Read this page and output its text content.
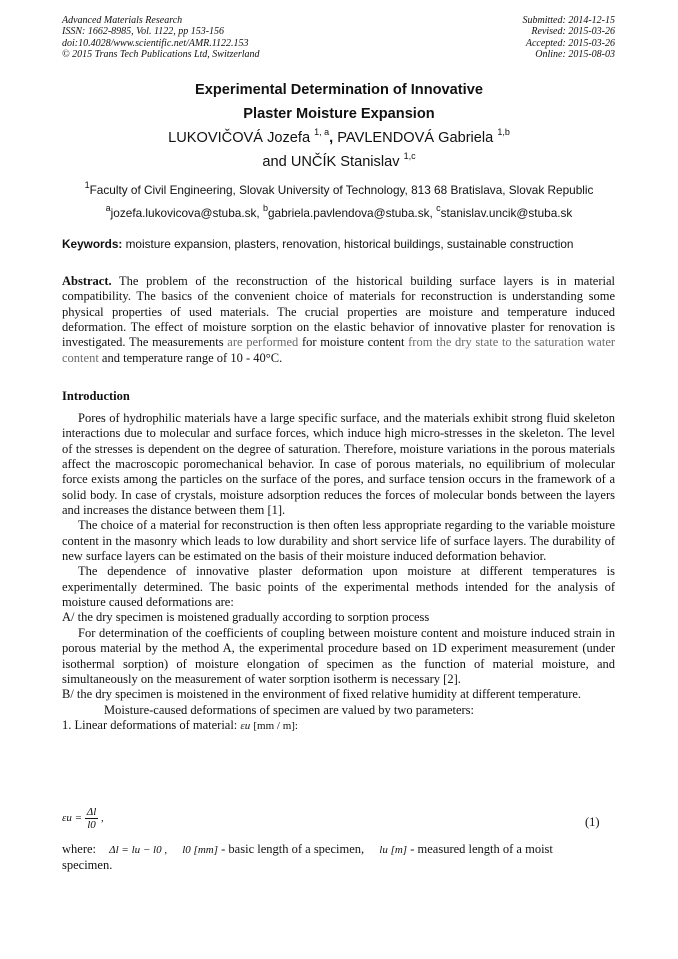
Advanced Materials Research
ISSN: 1662-8985, Vol. 1122, pp 153-156
doi:10.4028/www.scientific.net/AMR.1122.153
© 2015 Trans Tech Publications Ltd, Switzerland
Submitted: 2014-12-15
Revised: 2015-03-26
Accepted: 2015-03-26
Online: 2015-08-03
Experimental Determination of Innovative
Plaster Moisture Expansion
LUKOVIČOVÁ Jozefa $^{1, a}$, PAVLENDOVÁ Gabriela $^{1,b}$
and UNČÍK Stanislav $^{1,c}$
$^1$Faculty of Civil Engineering, Slovak University of Technology, 813 68 Bratislava, Slovak Republic
$^a$jozefa.lukovicova@stuba.sk, $^b$gabriela.pavlendova@stuba.sk, $^c$stanislav.uncik@stuba.sk
Keywords: moisture expansion, plasters, renovation, historical buildings, sustainable construction
Abstract. The problem of the reconstruction of the historical building surface layers is in material compatibility. The basics of the convenient choice of materials for reconstruction is understanding some physical properties of used materials. The crucial properties are moisture and temperature induced deformation. The effect of moisture sorption on the elastic behavior of innovative plaster for renovation is investigated. The measurements are performed for moisture content from the dry state to the saturation water content and temperature range of 10 - 40°C.
Introduction
Pores of hydrophilic materials have a large specific surface, and the materials exhibit strong fluid skeleton interactions due to molecular and surface forces, which induce high micro-stresses in the skeleton. The level of the stresses is dependent on the degree of saturation. Therefore, moisture variations in the porous materials affect the macroscopic poromechanical behavior. In case of porous materials, no equilibrium of molecular force exists among the particles on the surface of the pores, and surface tension occurs in the framework of a solid body. In case of crystals, moisture adsorption reduces the forces of molecular bonds between the layers and increases the distance between them [1].
The choice of a material for reconstruction is then often less appropriate regarding to the variable moisture content in the masonry which leads to low durability and short service life of surface layers. The durability of new surface layers can be estimated on the basis of their moisture induced deformation behavior.
The dependence of innovative plaster deformation upon moisture at different temperatures is experimentally determined. The basic points of the experimental methods intended for the analysis of moisture caused deformations are:
A/ the dry specimen is moistened gradually according to sorption process
For determination of the coefficients of coupling between moisture content and moisture induced strain in porous material by the method A, the experimental procedure based on 1D experiment measurement (under isothermal sorption) of moisture elongation of specimen as the function of material moisture, and simultaneously on the measurement of water sorption isotherm is necessary [2].
B/ the dry specimen is moistened in the environment of fixed relative humidity at different temperature.
Moisture-caused deformations of specimen are valued by two parameters:
1. Linear deformations of material: εu [mm / m]:
$\varepsilon u = \frac{\Delta l}{l0}$ ,	(1)
where: Δl = lu − l0 , l0 [mm] - basic length of a specimen, lu [m] - measured length of a moist
specimen.
